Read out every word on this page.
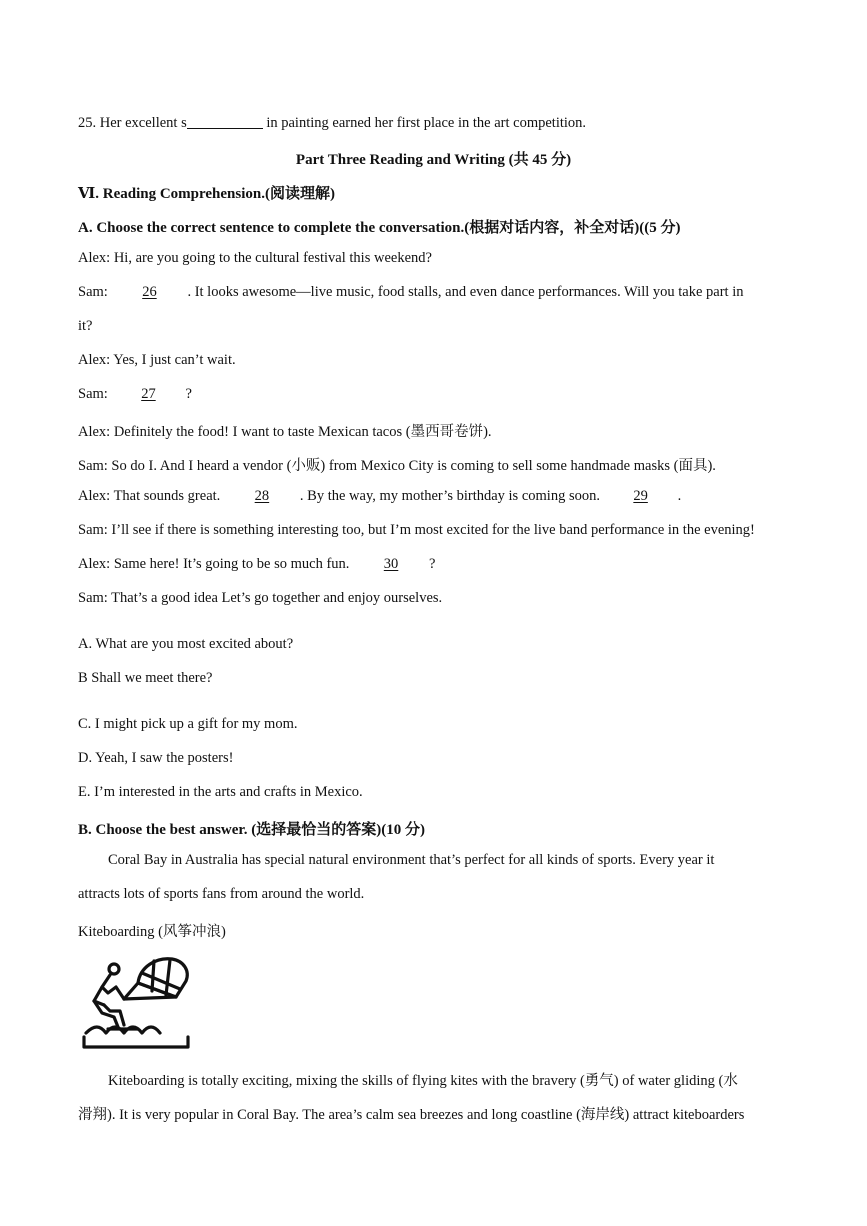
25. Her excellent s	in painting earned her first place in the art competition.
Part Three Reading and Writing (共 45 分)
Ⅵ. Reading Comprehension.(阅读理解)
A. Choose the correct sentence to complete the conversation.(根据对话内容，补全对话)((5 分)
Alex: Hi, are you going to the cultural festival this weekend?
Sam: 26 . It looks awesome—live music, food stalls, and even dance performances. Will you take part in
it?
Alex: Yes, I just can’t wait.
Sam: 27 ?
Alex: Definitely the food! I want to taste Mexican tacos (墨西哥卷饼).
Sam: So do I. And I heard a vendor (小贩) from Mexico City is coming to sell some handmade masks (面具).
Alex: That sounds great. 28 . By the way, my mother’s birthday is coming soon. 29 .
Sam: I’ll see if there is something interesting too, but I’m most excited for the live band performance in the evening!
Alex: Same here! It’s going to be so much fun. 30 ?
Sam: That’s a good idea Let’s go together and enjoy ourselves.
A. What are you most excited about?
B Shall we meet there?
C. I might pick up a gift for my mom.
D. Yeah, I saw the posters!
E. I’m interested in the arts and crafts in Mexico.
B. Choose the best answer. (选择最恰当的答案)(10 分)
Coral Bay in Australia has special natural environment that’s perfect for all kinds of sports. Every year it
attracts lots of sports fans from around the world.
Kiteboarding (风筝冲浪)
Kiteboarding is totally exciting, mixing the skills of flying kites with the bravery (勇气) of water gliding (水
滑翔). It is very popular in Coral Bay. The area’s calm sea breezes and long coastline (海岸线) attract kiteboarders
